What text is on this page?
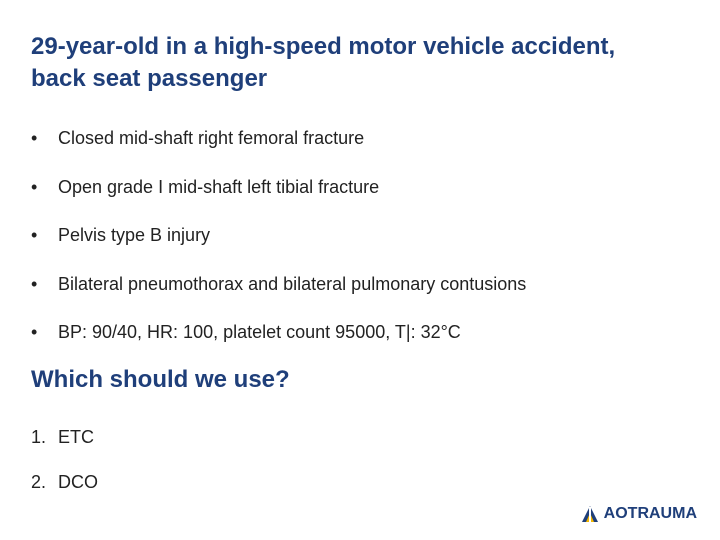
29-year-old in a high-speed motor vehicle accident, back seat passenger
• Closed mid-shaft right femoral fracture
• Open grade I mid-shaft left tibial fracture
• Pelvis type B injury
• Bilateral pneumothorax and bilateral pulmonary contusions
• BP: 90/40, HR: 100, platelet count 95000, T|: 32°C
Which should we use?
1. ETC
2. DCO
AOTRAUMA
